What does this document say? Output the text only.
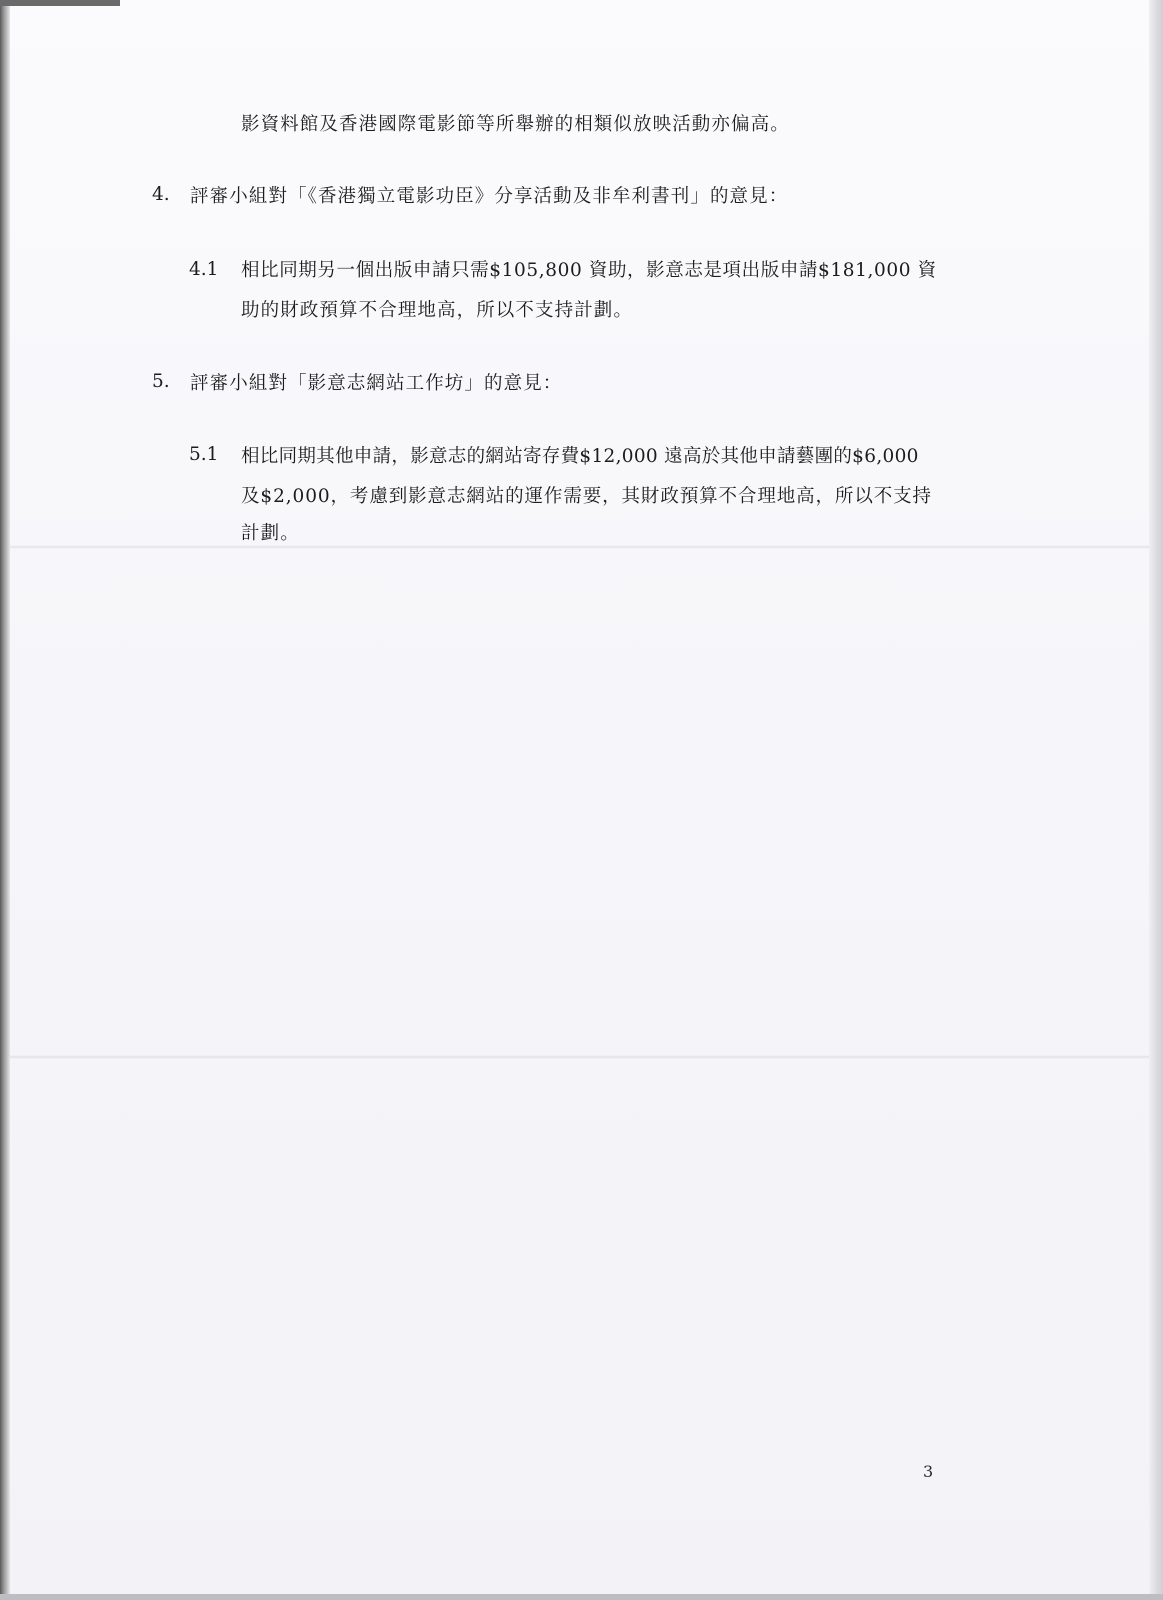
影資料館及香港國際電影節等所舉辦的相類似放映活動亦偏高。
4. 評審小組對「《香港獨立電影功臣》分享活動及非牟利書刊」的意見：
4.1 相比同期另一個出版申請只需$105,800 資助，影意志是項出版申請$181,000 資
助的財政預算不合理地高，所以不支持計劃。
5. 評審小組對「影意志網站工作坊」的意見：
5.1 相比同期其他申請，影意志的網站寄存費$12,000 遠高於其他申請藝團的$6,000
及$2,000，考慮到影意志網站的運作需要，其財政預算不合理地高，所以不支持
計劃。
3
